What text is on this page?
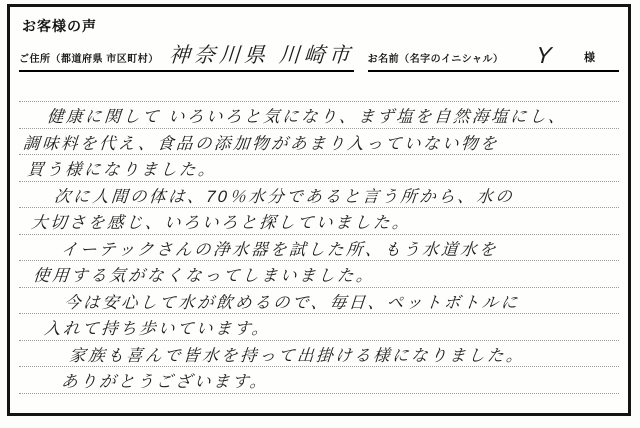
お客様の声
ご住所（都道府県 市区町村） 神奈川県 川崎市 お名前（名字のイニシャル） Y	様
健康に関して いろいろと気になり、まず塩を自然海塩にし、
調味料を代え、食品の添加物があまり入っていない物を
買う様になりました。
次に人間の体は、70％水分であると言う所から、水の
大切さを感じ、いろいろと探していました。
イーテックさんの浄水器を試した所、もう水道水を
使用する気がなくなってしまいました。
今は安心して水が飲めるので、毎日、ペットボトルに
入れて持ち歩いています。
家族も喜んで皆水を持って出掛ける様になりました。
ありがとうございます。
